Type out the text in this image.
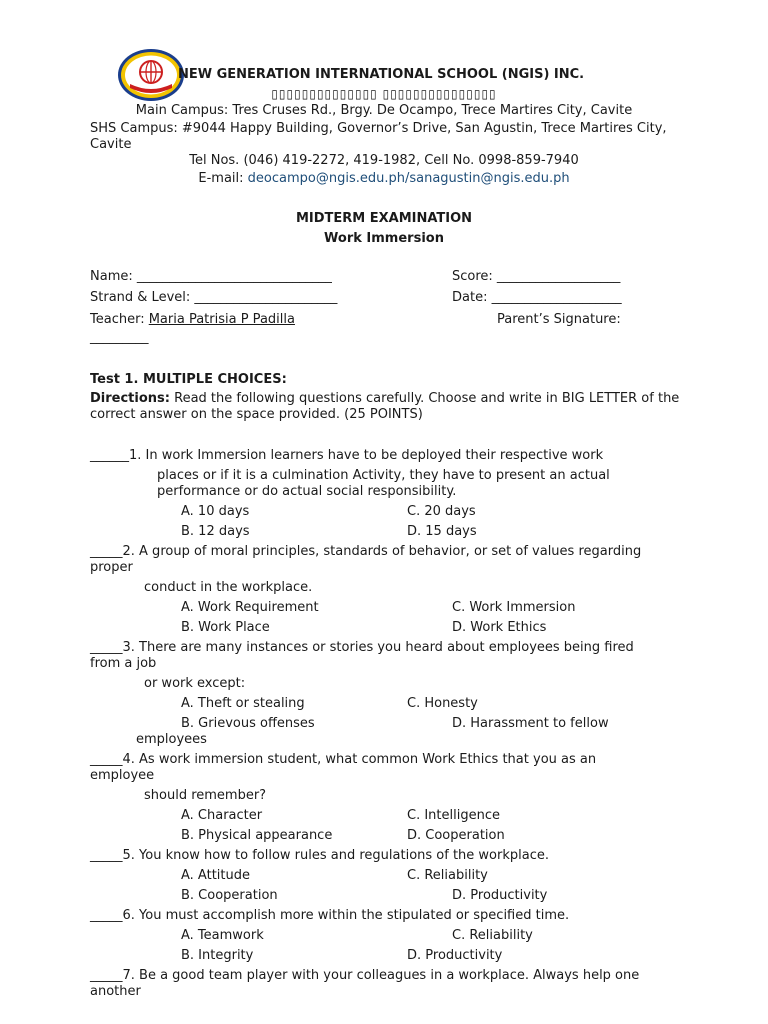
NEW GENERATION INTERNATIONAL SCHOOL (NGIS) INC.
▯▯▯▯▯▯▯▯▯▯▯▯▯▯ ▯▯▯▯▯▯▯▯▯▯▯▯▯▯▯
Main Campus: Tres Cruses Rd., Brgy. De Ocampo, Trece Martires City, Cavite
SHS Campus: #9044 Happy Building, Governor’s Drive, San Agustin, Trece Martires City, Cavite
Tel Nos. (046) 419-2272, 419-1982, Cell No. 0998-859-7940
E-mail: deocampo@ngis.edu.ph/sanagustin@ngis.edu.ph
MIDTERM EXAMINATION
Work Immersion
Name: ______________________________	Score: ___________________
Strand & Level: ______________________	Date: ____________________
Teacher: Maria Patrisia P Padilla	Parent’s Signature:
_________
Test 1. MULTIPLE CHOICES:
Directions: Read the following questions carefully. Choose and write in BIG LETTER of the correct answer on the space provided. (25 POINTS)
______1. In work Immersion learners have to be deployed their respective work
places or if it is a culmination Activity, they have to present an actual
performance or do actual social responsibility.
A. 10 days	C. 20 days
B. 12 days	D. 15 days
_____2. A group of moral principles, standards of behavior, or set of values regarding
proper
conduct in the workplace.
A. Work Requirement	C. Work Immersion
B. Work Place	D. Work Ethics
_____3. There are many instances or stories you heard about employees being fired
from a job
or work except:
A. Theft or stealing	C. Honesty
B. Grievous offenses	D. Harassment to fellow
employees
_____4. As work immersion student, what common Work Ethics that you as an
employee
should remember?
A. Character	C. Intelligence
B. Physical appearance	D. Cooperation
_____5. You know how to follow rules and regulations of the workplace.
A. Attitude	C. Reliability
B. Cooperation	D. Productivity
_____6. You must accomplish more within the stipulated or specified time.
A. Teamwork	C. Reliability
B. Integrity	D. Productivity
_____7. Be a good team player with your colleagues in a workplace. Always help one
another
